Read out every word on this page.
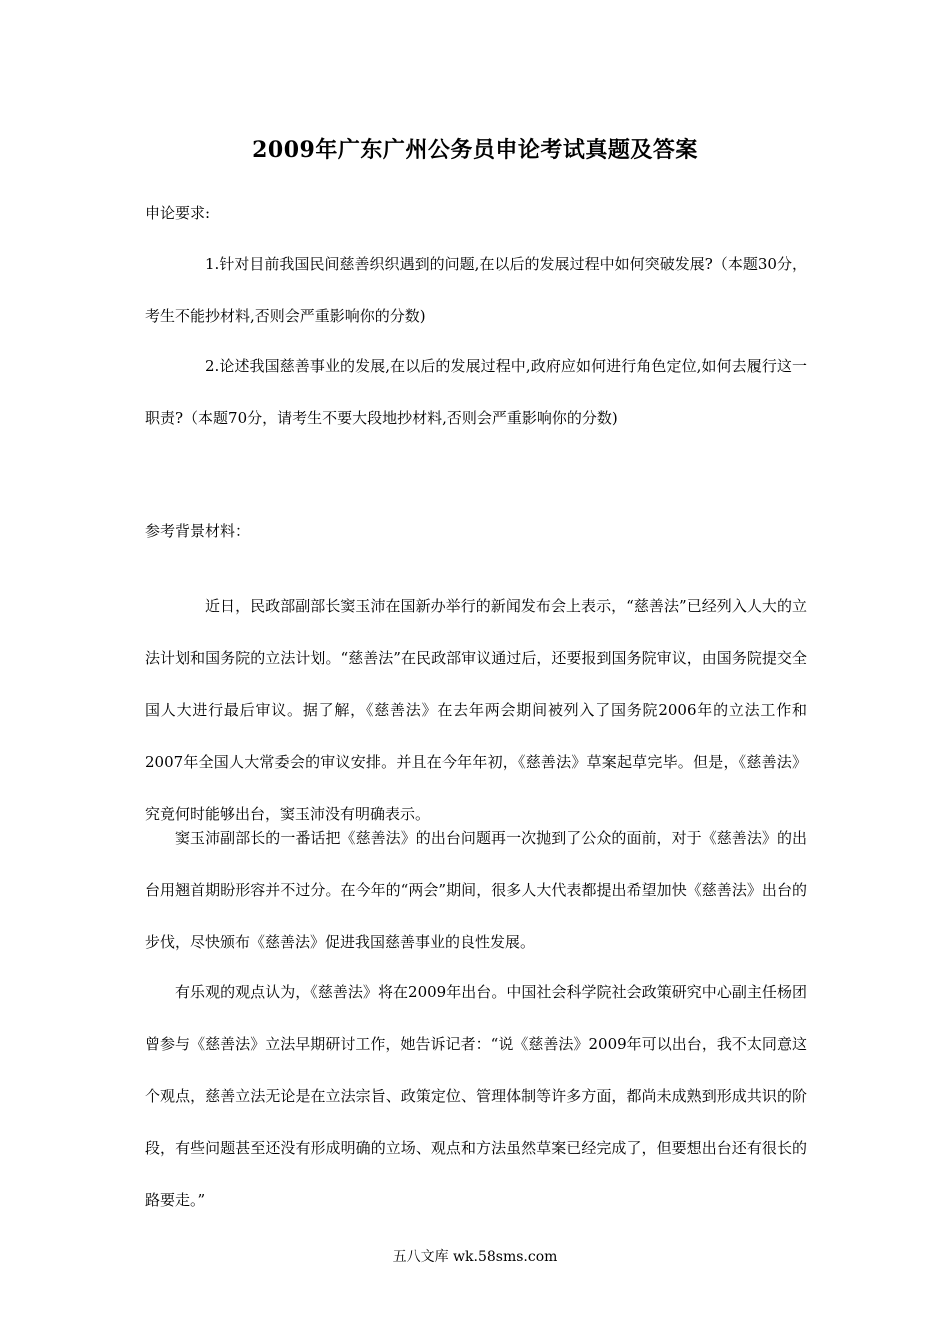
2009年广东广州公务员申论考试真题及答案
申论要求:

1.针对目前我国民间慈善织织遇到的问题,在以后的发展过程中如何突破发展?（本题30分，考生不能抄材料,否则会严重影响你的分数)

2.论述我国慈善事业的发展,在以后的发展过程中,政府应如何进行角色定位,如何去履行这一职责?（本题70分，请考生不要大段地抄材料,否则会严重影响你的分数)

参考背景材料：

近日，民政部副部长窦玉沛在国新办举行的新闻发布会上表示，“慈善法”已经列入人大的立法计划和国务院的立法计划。“慈善法”在民政部审议通过后，还要报到国务院审议，由国务院提交全国人大进行最后审议。据了解，《慈善法》在去年两会期间被列入了国务院2006年的立法工作和2007年全国人大常委会的审议安排。并且在今年年初，《慈善法》草案起草完毕。但是，《慈善法》究竟何时能够出台，窦玉沛没有明确表示。

窦玉沛副部长的一番话把《慈善法》的出台问题再一次抛到了公众的面前，对于《慈善法》的出台用翘首期盼形容并不过分。在今年的“两会”期间，很多人大代表都提出希望加快《慈善法》出台的步伐，尽快颁布《慈善法》促进我国慈善事业的良性发展。

有乐观的观点认为，《慈善法》将在2009年出台。中国社会科学院社会政策研究中心副主任杨团曾参与《慈善法》立法早期研讨工作，她告诉记者：“说《慈善法》2009年可以出台，我不太同意这个观点，慈善立法无论是在立法宗旨、政策定位、管理体制等许多方面，都尚未成熟到形成共识的阶段，有些问题甚至还没有形成明确的立场、观点和方法虽然草案已经完成了，但要想出台还有很长的路要走。”

五八文库 wk.58sms.com
